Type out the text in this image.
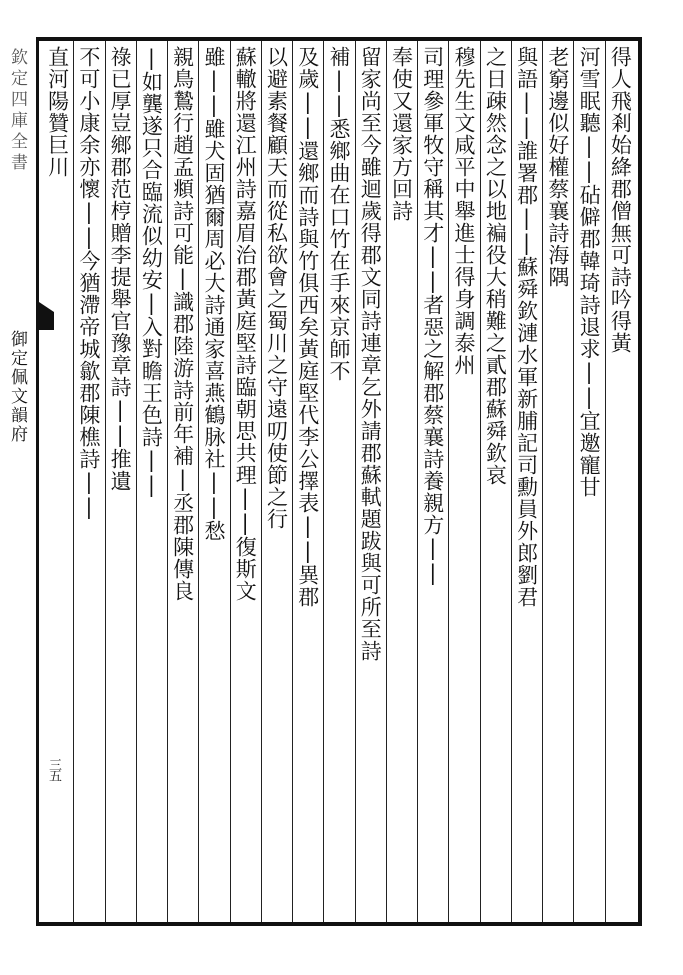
欽定四庫全書
御定佩文韻府
三五
得人飛剎始絳郡僧無可詩吟得黃
河雪眠聽||砧僻郡韓琦詩退求||宜邀寵甘
老窮邊似好權蔡襄詩海隅
與語||誰署郡||蘇舜欽漣水軍新脯記司勳員外郎劉君
之日疎然念之以地褊役大稍難之貳郡蘇舜欽哀
穆先生文咸平中舉進士得身調泰州
司理參軍牧守稱其才||者惡之解郡蔡襄詩養親方||
奉使又還家方回詩
留家尚至今雖迴歲得郡文同詩連章乞外請郡蘇軾題跋與可所至詩
補||悉鄉曲在口竹在手來京師不
及歲||還鄉而詩與竹俱西矣黃庭堅代李公擇表||異郡
以避素餐顧天而從私欲會之蜀川之守遠叨使節之行
蘇轍將還江州詩嘉眉治郡黃庭堅詩臨朝思共理||復斯文
雖||雖犬固猶爾周必大詩通家喜燕鶴脉社||愁
親鳥鷙行趙孟頫詩可能|識郡陸游詩前年補|丞郡陳傳良
|如龔遂只合臨流似幼安|入對瞻王色詩||
祿已厚豈鄉郡范梈贈李提舉官豫章詩||推遺
不可小康余亦懷||今猶滯帝城歙郡陳樵詩||
直河陽贊巨川
